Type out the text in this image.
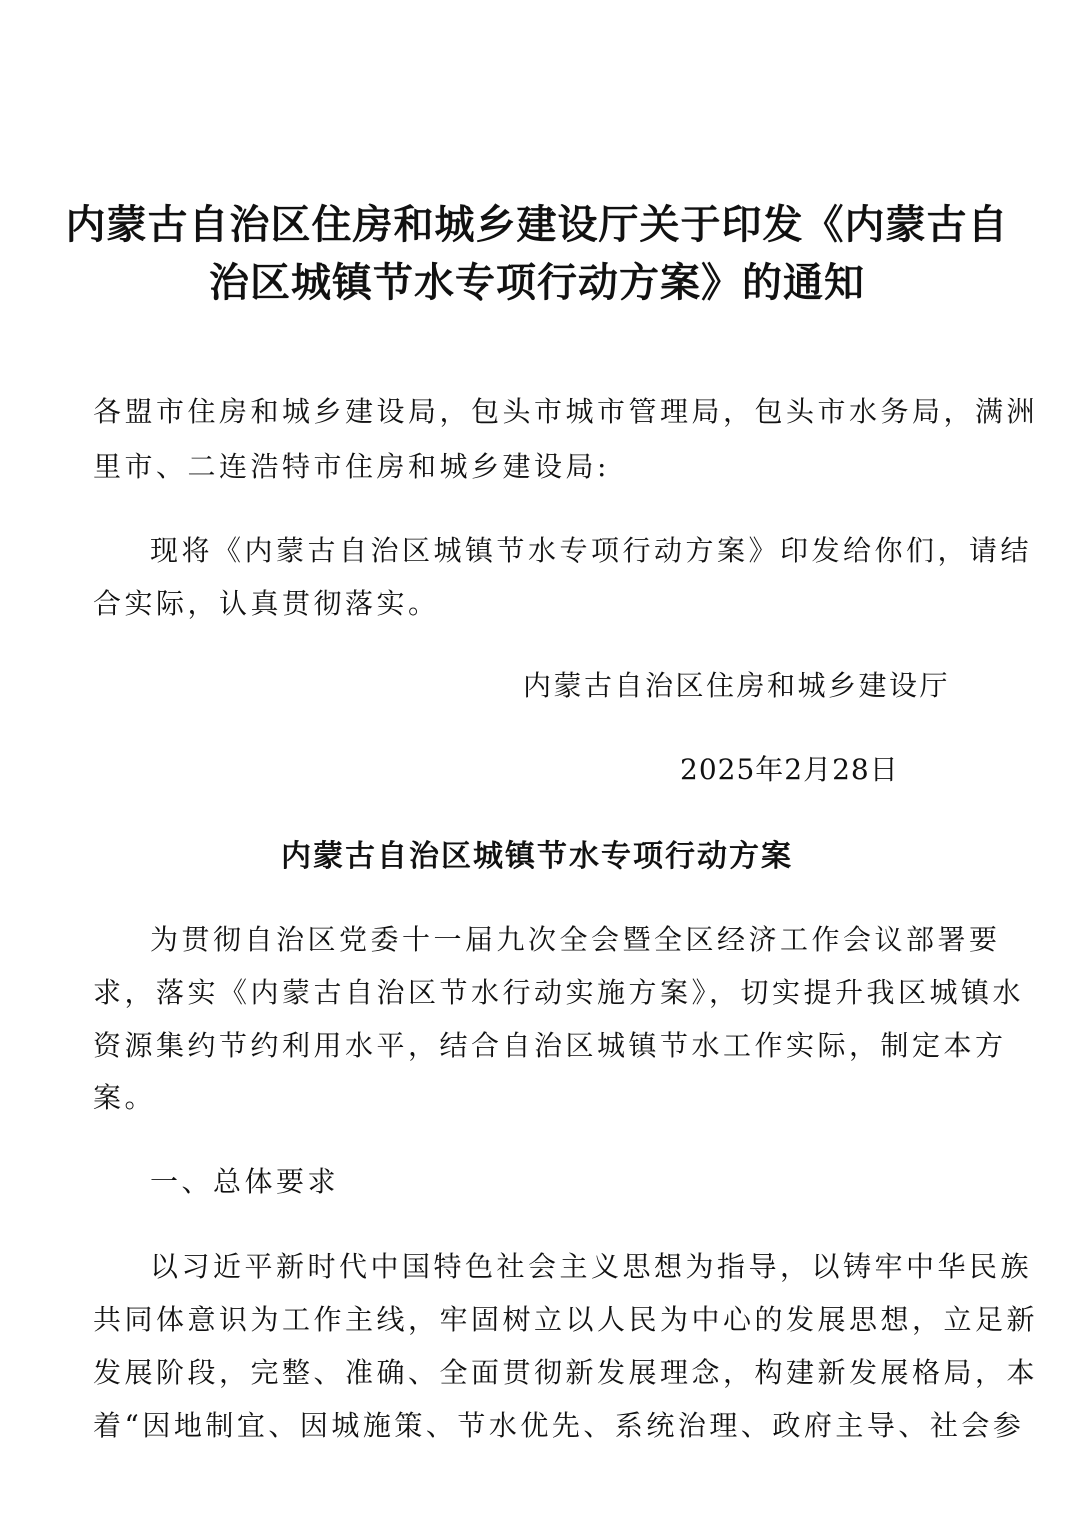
内蒙古自治区住房和城乡建设厅关于印发《内蒙古自
治区城镇节水专项行动方案》的通知

各盟市住房和城乡建设局，包头市城市管理局，包头市水务局，满洲

里市、二连浩特市住房和城乡建设局:

现将《内蒙古自治区城镇节水专项行动方案》印发给你们，请结

合实际，认真贯彻落实。

内蒙古自治区住房和城乡建设厅

2025年2月28日

内蒙古自治区城镇节水专项行动方案

为贯彻自治区党委十一届九次全会暨全区经济工作会议部署要

求，落实《内蒙古自治区节水行动实施方案》，切实提升我区城镇水

资源集约节约利用水平，结合自治区城镇节水工作实际，制定本方

案。

一、总体要求

以习近平新时代中国特色社会主义思想为指导，以铸牢中华民族

共同体意识为工作主线，牢固树立以人民为中心的发展思想，立足新

发展阶段，完整、准确、全面贯彻新发展理念，构建新发展格局，本

着“因地制宜、因城施策、节水优先、系统治理、政府主导、社会参
